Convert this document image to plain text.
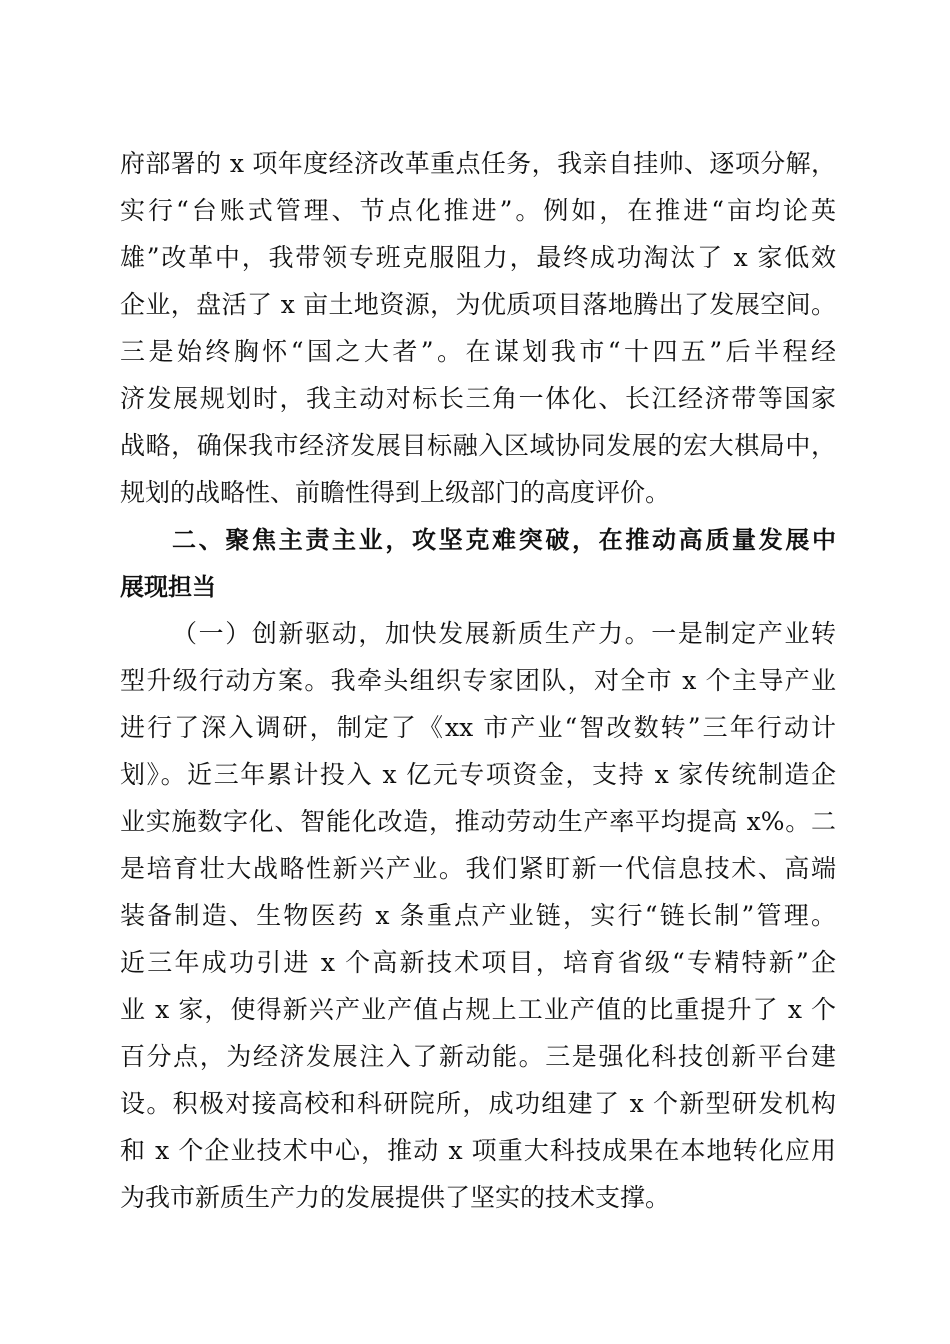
府部署的 x 项年度经济改革重点任务，我亲自挂帅、逐项分解，
实行“台账式管理、节点化推进”。例如，在推进“亩均论英
雄”改革中，我带领专班克服阻力，最终成功淘汰了 x 家低效
企业，盘活了 x 亩土地资源，为优质项目落地腾出了发展空间。
三是始终胸怀“国之大者”。在谋划我市“十四五”后半程经
济发展规划时，我主动对标长三角一体化、长江经济带等国家
战略，确保我市经济发展目标融入区域协同发展的宏大棋局中，
规划的战略性、前瞻性得到上级部门的高度评价。
二、聚焦主责主业，攻坚克难突破，在推动高质量发展中
展现担当
（一）创新驱动，加快发展新质生产力。一是制定产业转
型升级行动方案。我牵头组织专家团队，对全市 x 个主导产业
进行了深入调研，制定了《xx 市产业“智改数转”三年行动计
划》。近三年累计投入 x 亿元专项资金，支持 x 家传统制造企
业实施数字化、智能化改造，推动劳动生产率平均提高 x%。二
是培育壮大战略性新兴产业。我们紧盯新一代信息技术、高端
装备制造、生物医药 x 条重点产业链，实行“链长制”管理。
近三年成功引进 x 个高新技术项目，培育省级“专精特新”企
业 x 家，使得新兴产业产值占规上工业产值的比重提升了 x 个
百分点，为经济发展注入了新动能。三是强化科技创新平台建
设。积极对接高校和科研院所，成功组建了 x 个新型研发机构
和 x 个企业技术中心，推动 x 项重大科技成果在本地转化应用
为我市新质生产力的发展提供了坚实的技术支撑。
